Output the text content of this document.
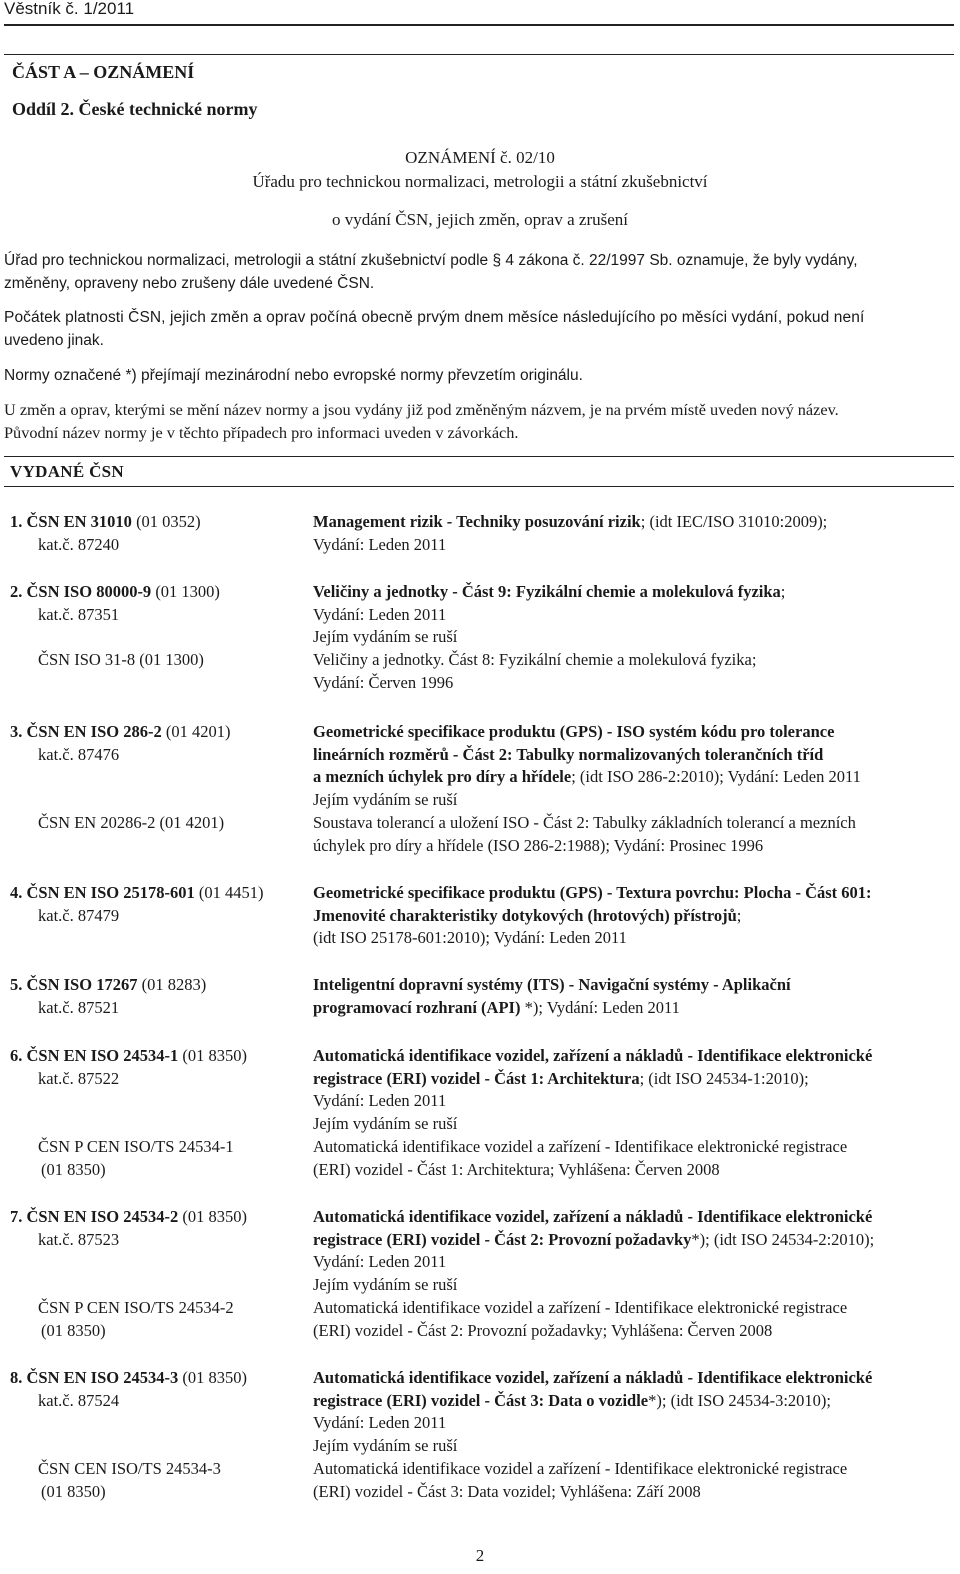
Věstník č. 1/2011
ČÁST A – OZNÁMENÍ
Oddíl 2. České technické normy
OZNÁMENÍ č. 02/10
Úřadu pro technickou normalizaci, metrologii a státní zkušebnictví
o vydání ČSN, jejich změn, oprav a zrušení
Úřad pro technickou normalizaci, metrologii a státní zkušebnictví podle § 4 zákona č. 22/1997 Sb. oznamuje, že byly vydány,
změněny, opraveny nebo zrušeny dále uvedené ČSN.
Počátek platnosti ČSN, jejich změn a oprav počíná obecně prvým dnem měsíce následujícího po měsíci vydání, pokud není
uvedeno jinak.
Normy označené *) přejímají mezinárodní nebo evropské normy převzetím originálu.
U změn a oprav, kterými se mění název normy a jsou vydány již pod změněným názvem, je na prvém místě uveden nový název.
Původní název normy je v těchto případech pro informaci uveden v závorkách.
VYDANÉ ČSN
1. ČSN EN 31010 (01 0352)
kat.č. 87240
Management rizik - Techniky posuzování rizik; (idt IEC/ISO 31010:2009);
Vydání: Leden 2011
2. ČSN ISO 80000-9 (01 1300)
kat.č. 87351

ČSN ISO 31-8 (01 1300)
Veličiny a jednotky - Část 9: Fyzikální chemie a molekulová fyzika;
Vydání: Leden 2011
Jejím vydáním se ruší
Veličiny a jednotky. Část 8: Fyzikální chemie a molekulová fyzika;
Vydání: Červen 1996
3. ČSN EN ISO 286-2 (01 4201)
kat.č. 87476

ČSN EN 20286-2 (01 4201)
Geometrické specifikace produktu (GPS) - ISO systém kódu pro tolerance
lineárních rozměrů - Část 2: Tabulky normalizovaných tolerančních tříd
a mezních úchylek pro díry a hřídele; (idt ISO 286-2:2010); Vydání: Leden 2011
Jejím vydáním se ruší
Soustava tolerancí a uložení ISO - Část 2: Tabulky základních tolerancí a mezních
úchylek pro díry a hřídele (ISO 286-2:1988); Vydání: Prosinec 1996
4. ČSN EN ISO 25178-601 (01 4451)
kat.č. 87479
Geometrické specifikace produktu (GPS) - Textura povrchu: Plocha - Část 601:
Jmenovité charakteristiky dotykových (hrotových) přístrojů;
(idt ISO 25178-601:2010); Vydání: Leden 2011
5. ČSN ISO 17267 (01 8283)
kat.č. 87521
Inteligentní dopravní systémy (ITS) - Navigační systémy - Aplikační
programovací rozhraní (API) *); Vydání: Leden 2011
6. ČSN EN ISO 24534-1 (01 8350)
kat.č. 87522

ČSN P CEN ISO/TS 24534-1
(01 8350)
Automatická identifikace vozidel, zařízení a nákladů - Identifikace elektronické
registrace (ERI) vozidel - Část 1: Architektura; (idt ISO 24534-1:2010);
Vydání: Leden 2011
Jejím vydáním se ruší
Automatická identifikace vozidel a zařízení - Identifikace elektronické registrace
(ERI) vozidel - Část 1: Architektura; Vyhlášena: Červen 2008
7. ČSN EN ISO 24534-2 (01 8350)
kat.č. 87523

ČSN P CEN ISO/TS 24534-2
(01 8350)
Automatická identifikace vozidel, zařízení a nákladů - Identifikace elektronické
registrace (ERI) vozidel - Část 2: Provozní požadavky*); (idt ISO 24534-2:2010);
Vydání: Leden 2011
Jejím vydáním se ruší
Automatická identifikace vozidel a zařízení - Identifikace elektronické registrace
(ERI) vozidel - Část 2: Provozní požadavky; Vyhlášena: Červen 2008
8. ČSN EN ISO 24534-3 (01 8350)
kat.č. 87524

ČSN CEN ISO/TS 24534-3
(01 8350)
Automatická identifikace vozidel, zařízení a nákladů - Identifikace elektronické
registrace (ERI) vozidel - Část 3: Data o vozidle*); (idt ISO 24534-3:2010);
Vydání: Leden 2011
Jejím vydáním se ruší
Automatická identifikace vozidel a zařízení - Identifikace elektronické registrace
(ERI) vozidel - Část 3: Data vozidel; Vyhlášena: Září 2008
2
